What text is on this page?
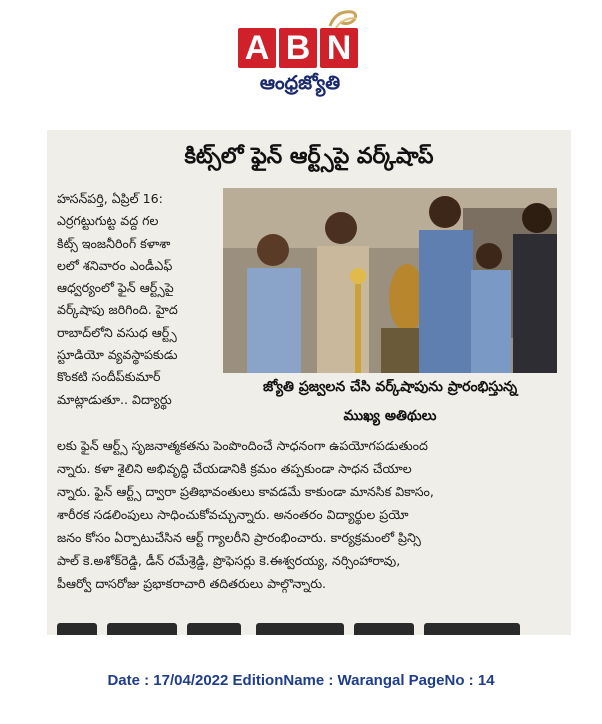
A B N
ఆంధ్రజ్యోతి
కిట్స్‌లో ఫైన్ ఆర్ట్స్‌పై వర్క్‌షాప్
హసన్‌పర్తి, ఏప్రిల్ 16:
ఎర్రగట్టుగుట్ట వద్ద గల
కిట్స్ ఇంజనీరింగ్ కళాశా
లలో శనివారం ఎండీఎఫ్
ఆధ్వర్యంలో ఫైన్ ఆర్ట్స్‌పై
వర్క్‌షాపు జరిగింది. హైద
రాబాద్‌లోని వసుధ ఆర్ట్స్
స్టూడియో వ్యవస్థాపకుడు
కొంకటి సందీప్‌కుమార్
మాట్లాడుతూ.. విద్యార్థు
జ్యోతి ప్రజ్వలన చేసి వర్క్‌షాపును ప్రారంభిస్తున్న
ముఖ్య అతిథులు
లకు ఫైన్ ఆర్ట్స్ సృజనాత్మకతను పెంపొందించే సాధనంగా ఉపయోగపడుతుంద
న్నారు. కళా శైలిని అభివృద్ధి చేయడానికి క్రమం తప్పకుండా సాధన చేయాల
న్నారు. ఫైన్ ఆర్ట్స్ ద్వారా ప్రతిభావంతులు కావడమే కాకుండా మానసిక వికాసం,
శారీరక సడలింపులు సాధించుకోవచ్చున్నారు. అనంతరం విద్యార్థుల ప్రయో
జనం కోసం ఏర్పాటుచేసిన ఆర్ట్ గ్యాలరీని ప్రారంభించారు. కార్యక్రమంలో ప్రిన్సి
పాల్ కె.అశోక్‌రెడ్డి, డీన్ రమేశ్రెడ్డి, ప్రొఫెసర్లు కె.ఈశ్వరయ్య, నర్సింహారావు,
పీఆర్వో దాసరోజు ప్రభాకరాచారి తదితరులు పాల్గొన్నారు.

Date : 17/04/2022 EditionName : Warangal PageNo : 14
